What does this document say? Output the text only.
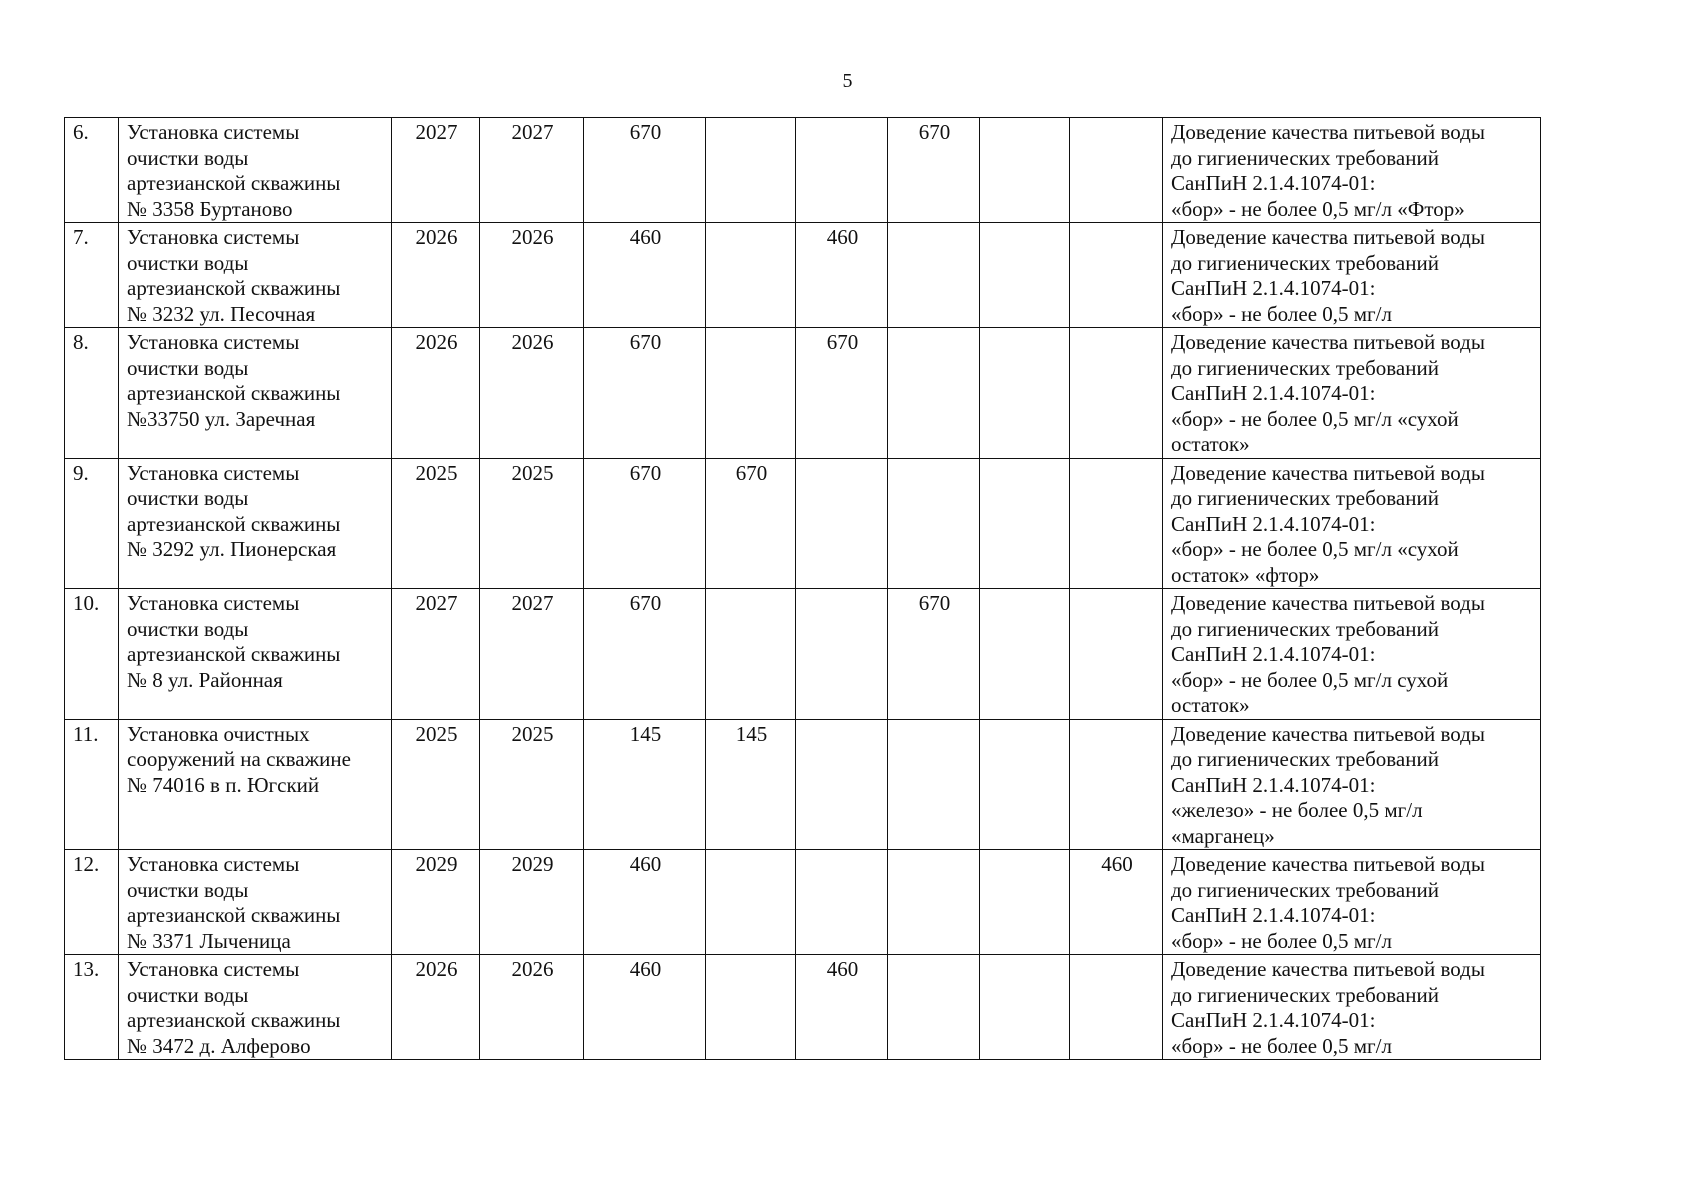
5
6.	Установка системы
очистки воды
артезианской скважины
№ 3358 Буртаново	2027	2027	670			670			Доведение качества питьевой воды
до гигиенических требований
СанПиН 2.1.4.1074-01:
«бор» - не более 0,5 мг/л «Фтор»
7.	Установка системы
очистки воды
артезианской скважины
№ 3232 ул. Песочная	2026	2026	460		460				Доведение качества питьевой воды
до гигиенических требований
СанПиН 2.1.4.1074-01:
«бор» - не более 0,5 мг/л
8.	Установка системы
очистки воды
артезианской скважины
№33750 ул. Заречная	2026	2026	670		670				Доведение качества питьевой воды
до гигиенических требований
СанПиН 2.1.4.1074-01:
«бор» - не более 0,5 мг/л «сухой
остаток»
9.	Установка системы
очистки воды
артезианской скважины
№ 3292 ул. Пионерская	2025	2025	670	670					Доведение качества питьевой воды
до гигиенических требований
СанПиН 2.1.4.1074-01:
«бор» - не более 0,5 мг/л «сухой
остаток» «фтор»
10.	Установка системы
очистки воды
артезианской скважины
№ 8 ул. Районная	2027	2027	670			670			Доведение качества питьевой воды
до гигиенических требований
СанПиН 2.1.4.1074-01:
«бор» - не более 0,5 мг/л сухой
остаток»
11.	Установка очистных
сооружений на скважине
№ 74016 в п. Югский	2025	2025	145	145					Доведение качества питьевой воды
до гигиенических требований
СанПиН 2.1.4.1074-01:
«железо» - не более 0,5 мг/л
«марганец»
12.	Установка системы
очистки воды
артезианской скважины
№ 3371 Лыченица	2029	2029	460					460	Доведение качества питьевой воды
до гигиенических требований
СанПиН 2.1.4.1074-01:
«бор» - не более 0,5 мг/л
13.	Установка системы
очистки воды
артезианской скважины
№ 3472 д. Алферово	2026	2026	460		460				Доведение качества питьевой воды
до гигиенических требований
СанПиН 2.1.4.1074-01:
«бор» - не более 0,5 мг/л
